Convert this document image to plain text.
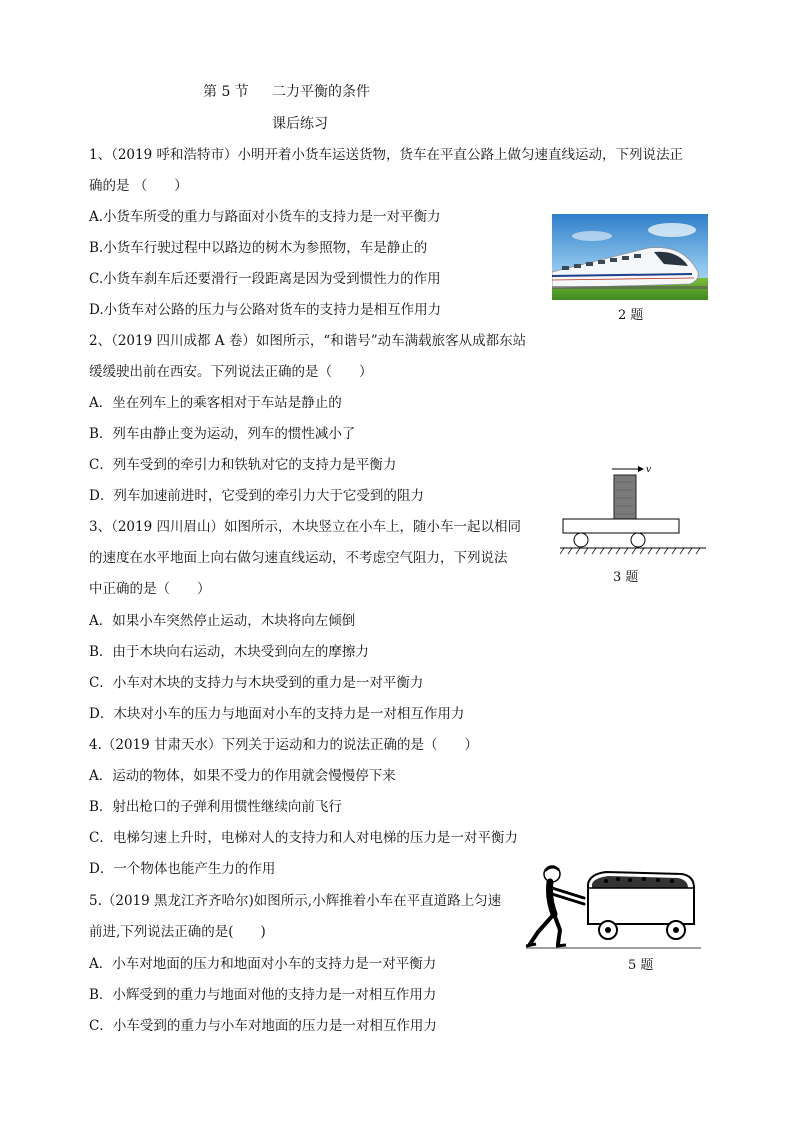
第 5 节 二力平衡的条件
课后练习
1、（2019 呼和浩特市）小明开着小货车运送货物，货车在平直公路上做匀速直线运动，下列说法正
确的是 （　　）
A.小货车所受的重力与路面对小货车的支持力是一对平衡力
B.小货车行驶过程中以路边的树木为参照物，车是静止的
C.小货车刹车后还要滑行一段距离是因为受到惯性力的作用
D.小货车对公路的压力与公路对货车的支持力是相互作用力
2、（2019 四川成都 A 卷）如图所示，“和谐号”动车满载旅客从成都东站
缓缓驶出前在西安。下列说法正确的是（　　）
A．坐在列车上的乘客相对于车站是静止的
B．列车由静止变为运动，列车的惯性减小了
C．列车受到的牵引力和铁轨对它的支持力是平衡力
D．列车加速前进时，它受到的牵引力大于它受到的阻力
3、（2019 四川眉山）如图所示，木块竖立在小车上，随小车一起以相同
的速度在水平地面上向右做匀速直线运动，不考虑空气阻力，下列说法
中正确的是（　　）
A．如果小车突然停止运动，木块将向左倾倒
B．由于木块向右运动，木块受到向左的摩擦力
C．小车对木块的支持力与木块受到的重力是一对平衡力
D．木块对小车的压力与地面对小车的支持力是一对相互作用力
4.（2019 甘肃天水）下列关于运动和力的说法正确的是（　　）
A．运动的物体，如果不受力的作用就会慢慢停下来
B．射出枪口的子弹利用惯性继续向前飞行
C．电梯匀速上升时，电梯对人的支持力和人对电梯的压力是一对平衡力
D．一个物体也能产生力的作用
5.（2019 黑龙江齐齐哈尔)如图所示,小辉推着小车在平直道路上匀速
前进,下列说法正确的是(　　)
A．小车对地面的压力和地面对小车的支持力是一对平衡力
B．小辉受到的重力与地面对他的支持力是一对相互作用力
C．小车受到的重力与小车对地面的压力是一对相互作用力
2 题
v
3 题
5 题
